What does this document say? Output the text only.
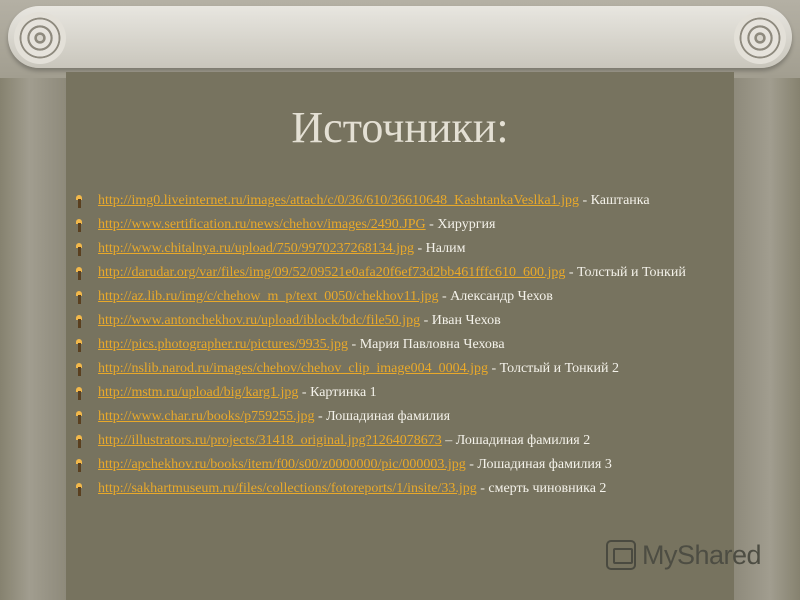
Источники:
http://img0.liveinternet.ru/images/attach/c/0/36/610/36610648_KashtankaVeslka1.jpg - Каштанка
http://www.sertification.ru/news/chehov/images/2490.JPG - Хирургия
http://www.chitalnya.ru/upload/750/9970237268134.jpg - Налим
http://darudar.org/var/files/img/09/52/09521e0afa20f6ef73d2bb461fffc610_600.jpg - Толстый и Тонкий
http://az.lib.ru/img/c/chehow_m_p/text_0050/chekhov11.jpg - Александр Чехов
http://www.antonchekhov.ru/upload/iblock/bdc/file50.jpg - Иван Чехов
http://pics.photographer.ru/pictures/9935.jpg - Мария Павловна Чехова
http://nslib.narod.ru/images/chehov/chehov_clip_image004_0004.jpg - Толстый и Тонкий 2
http://mstm.ru/upload/big/karg1.jpg - Картинка 1
http://www.char.ru/books/p759255.jpg - Лошадиная фамилия
http://illustrators.ru/projects/31418_original.jpg?1264078673 – Лошадиная фамилия 2
http://apchekhov.ru/books/item/f00/s00/z0000000/pic/000003.jpg - Лошадиная фамилия 3
http://sakhartmuseum.ru/files/collections/fotoreports/1/insite/33.jpg - смерть чиновника 2
MyShared
